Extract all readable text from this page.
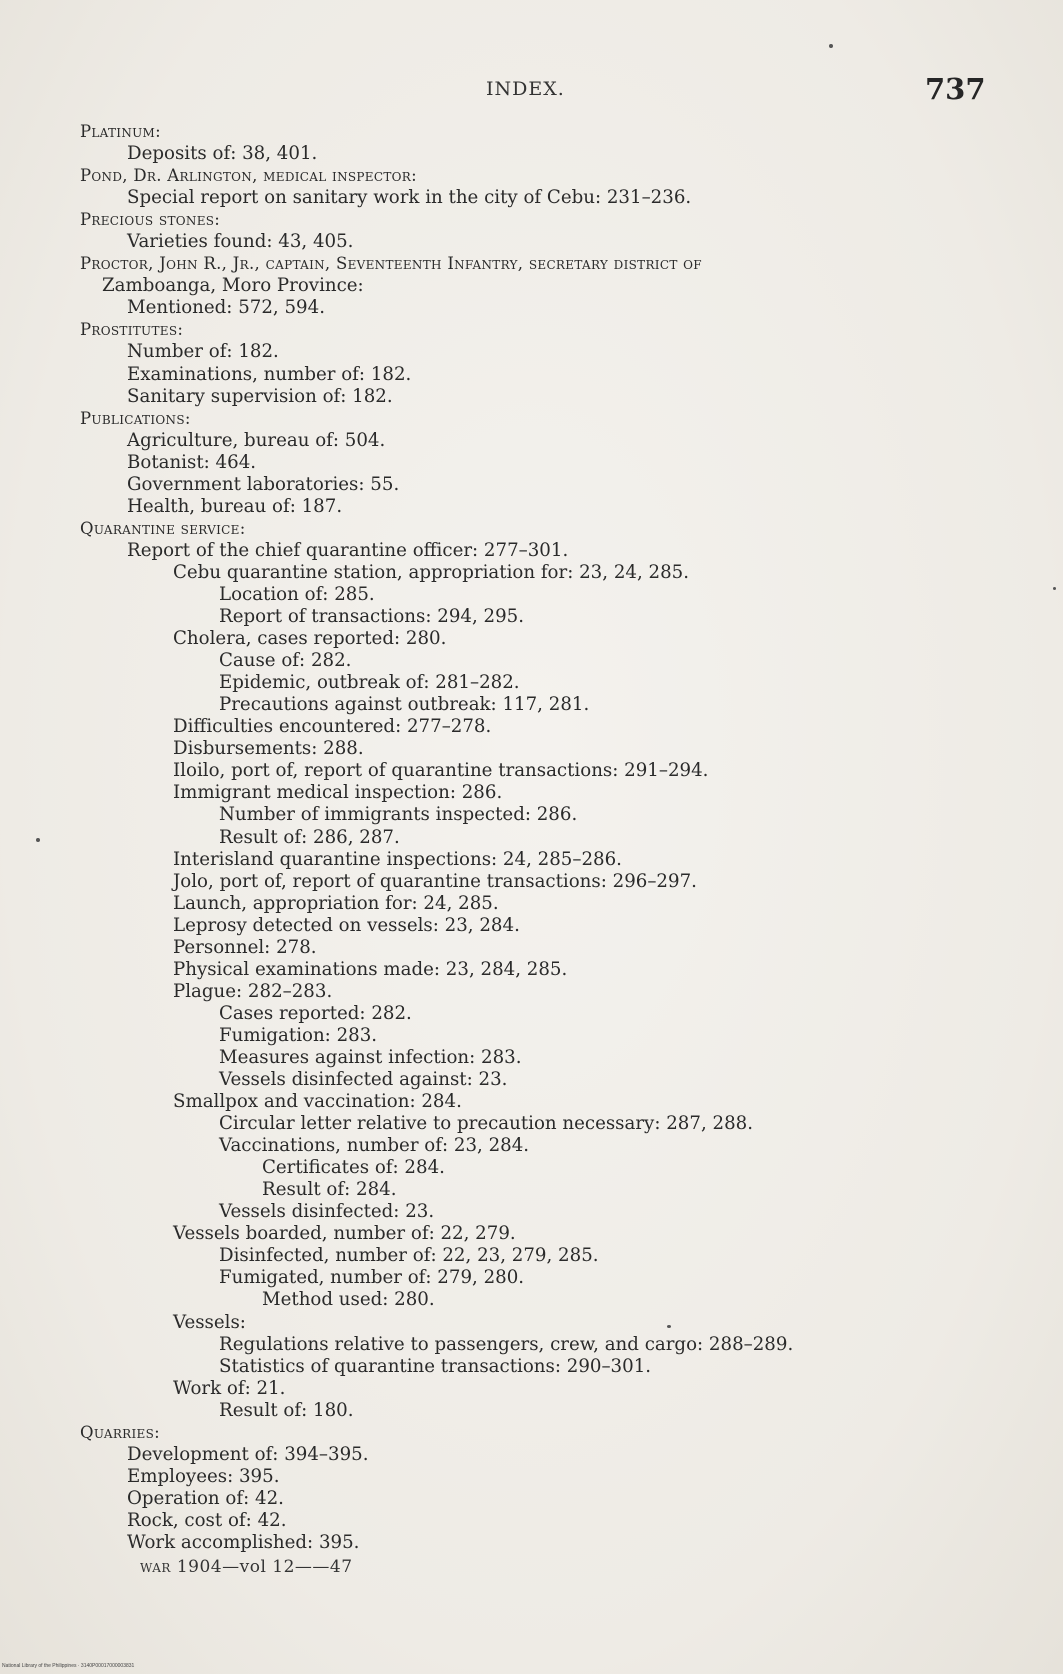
INDEX.	737
Platinum:
Deposits of: 38, 401.
Pond, Dr. Arlington, medical inspector:
Special report on sanitary work in the city of Cebu: 231–236.
Precious stones:
Varieties found: 43, 405.
Proctor, John R., Jr., captain, Seventeenth Infantry, secretary district of
Zamboanga, Moro Province:
Mentioned: 572, 594.
Prostitutes:
Number of: 182.
Examinations, number of: 182.
Sanitary supervision of: 182.
Publications:
Agriculture, bureau of: 504.
Botanist: 464.
Government laboratories: 55.
Health, bureau of: 187.
Quarantine service:
Report of the chief quarantine officer: 277–301.
Cebu quarantine station, appropriation for: 23, 24, 285.
Location of: 285.
Report of transactions: 294, 295.
Cholera, cases reported: 280.
Cause of: 282.
Epidemic, outbreak of: 281–282.
Precautions against outbreak: 117, 281.
Difficulties encountered: 277–278.
Disbursements: 288.
Iloilo, port of, report of quarantine transactions: 291–294.
Immigrant medical inspection: 286.
Number of immigrants inspected: 286.
Result of: 286, 287.
Interisland quarantine inspections: 24, 285–286.
Jolo, port of, report of quarantine transactions: 296–297.
Launch, appropriation for: 24, 285.
Leprosy detected on vessels: 23, 284.
Personnel: 278.
Physical examinations made: 23, 284, 285.
Plague: 282–283.
Cases reported: 282.
Fumigation: 283.
Measures against infection: 283.
Vessels disinfected against: 23.
Smallpox and vaccination: 284.
Circular letter relative to precaution necessary: 287, 288.
Vaccinations, number of: 23, 284.
Certificates of: 284.
Result of: 284.
Vessels disinfected: 23.
Vessels boarded, number of: 22, 279.
Disinfected, number of: 22, 23, 279, 285.
Fumigated, number of: 279, 280.
Method used: 280.
Vessels:
Regulations relative to passengers, crew, and cargo: 288–289.
Statistics of quarantine transactions: 290–301.
Work of: 21.
Result of: 180.
Quarries:
Development of: 394–395.
Employees: 395.
Operation of: 42.
Rock, cost of: 42.
Work accomplished: 395.
war 1904—vol 12——47
National Library of the Philippines · 3140P00017000003831
